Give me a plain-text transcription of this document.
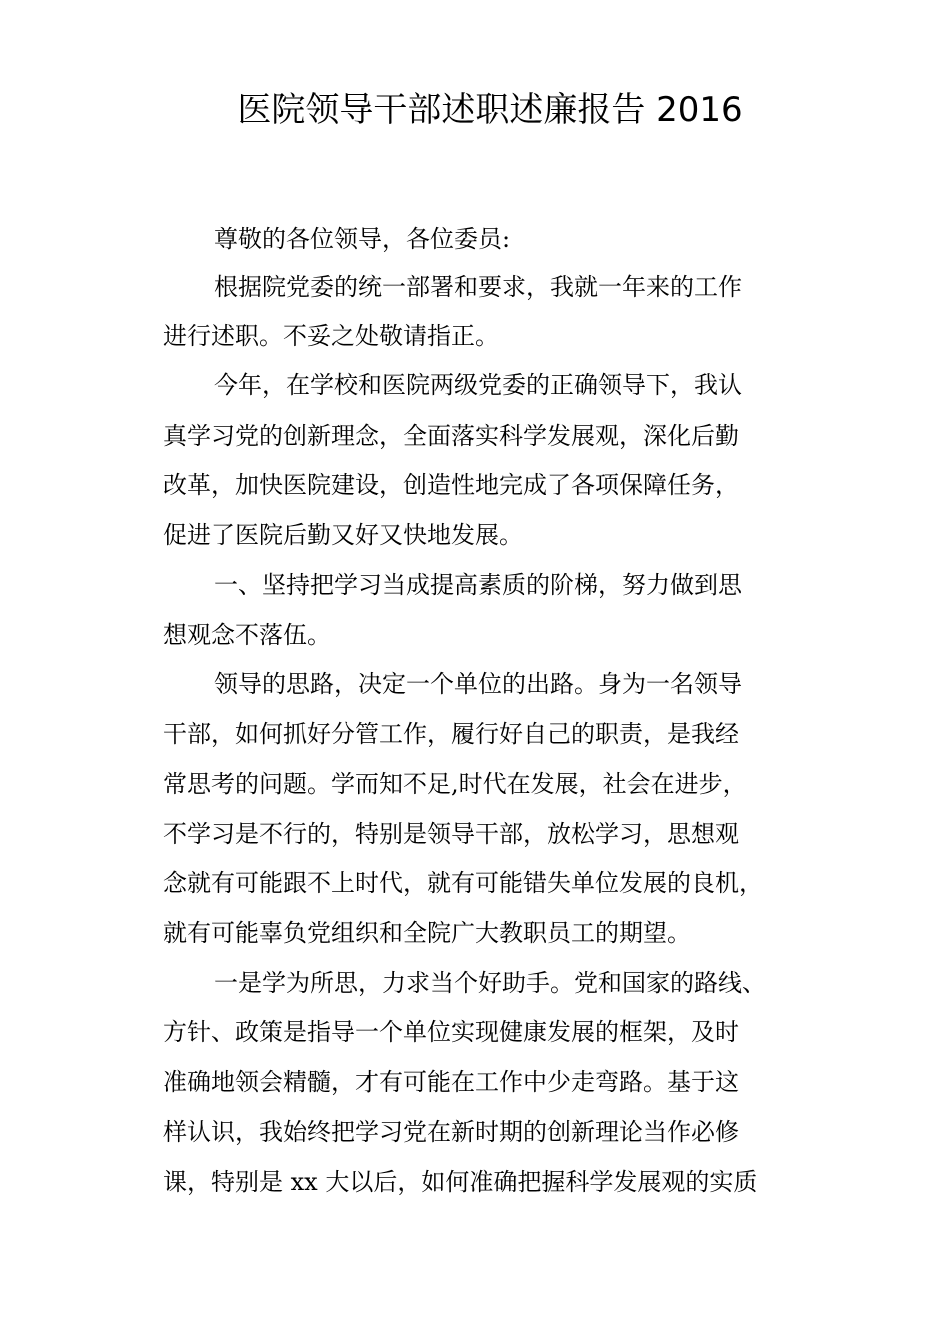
医院领导干部述职述廉报告 2016
尊敬的各位领导，各位委员:
根据院党委的统一部署和要求，我就一年来的工作
进行述职。不妥之处敬请指正。
今年，在学校和医院两级党委的正确领导下，我认
真学习党的创新理念，全面落实科学发展观，深化后勤
改革，加快医院建设，创造性地完成了各项保障任务，
促进了医院后勤又好又快地发展。
一、坚持把学习当成提高素质的阶梯，努力做到思
想观念不落伍。
领导的思路，决定一个单位的出路。身为一名领导
干部，如何抓好分管工作，履行好自己的职责，是我经
常思考的问题。学而知不足,时代在发展，社会在进步，
不学习是不行的，特别是领导干部，放松学习，思想观
念就有可能跟不上时代，就有可能错失单位发展的良机，
就有可能辜负党组织和全院广大教职员工的期望。
一是学为所思，力求当个好助手。党和国家的路线、
方针、政策是指导一个单位实现健康发展的框架，及时
准确地领会精髓，才有可能在工作中少走弯路。基于这
样认识，我始终把学习党在新时期的创新理论当作必修
课，特别是 xx 大以后，如何准确把握科学发展观的实质
